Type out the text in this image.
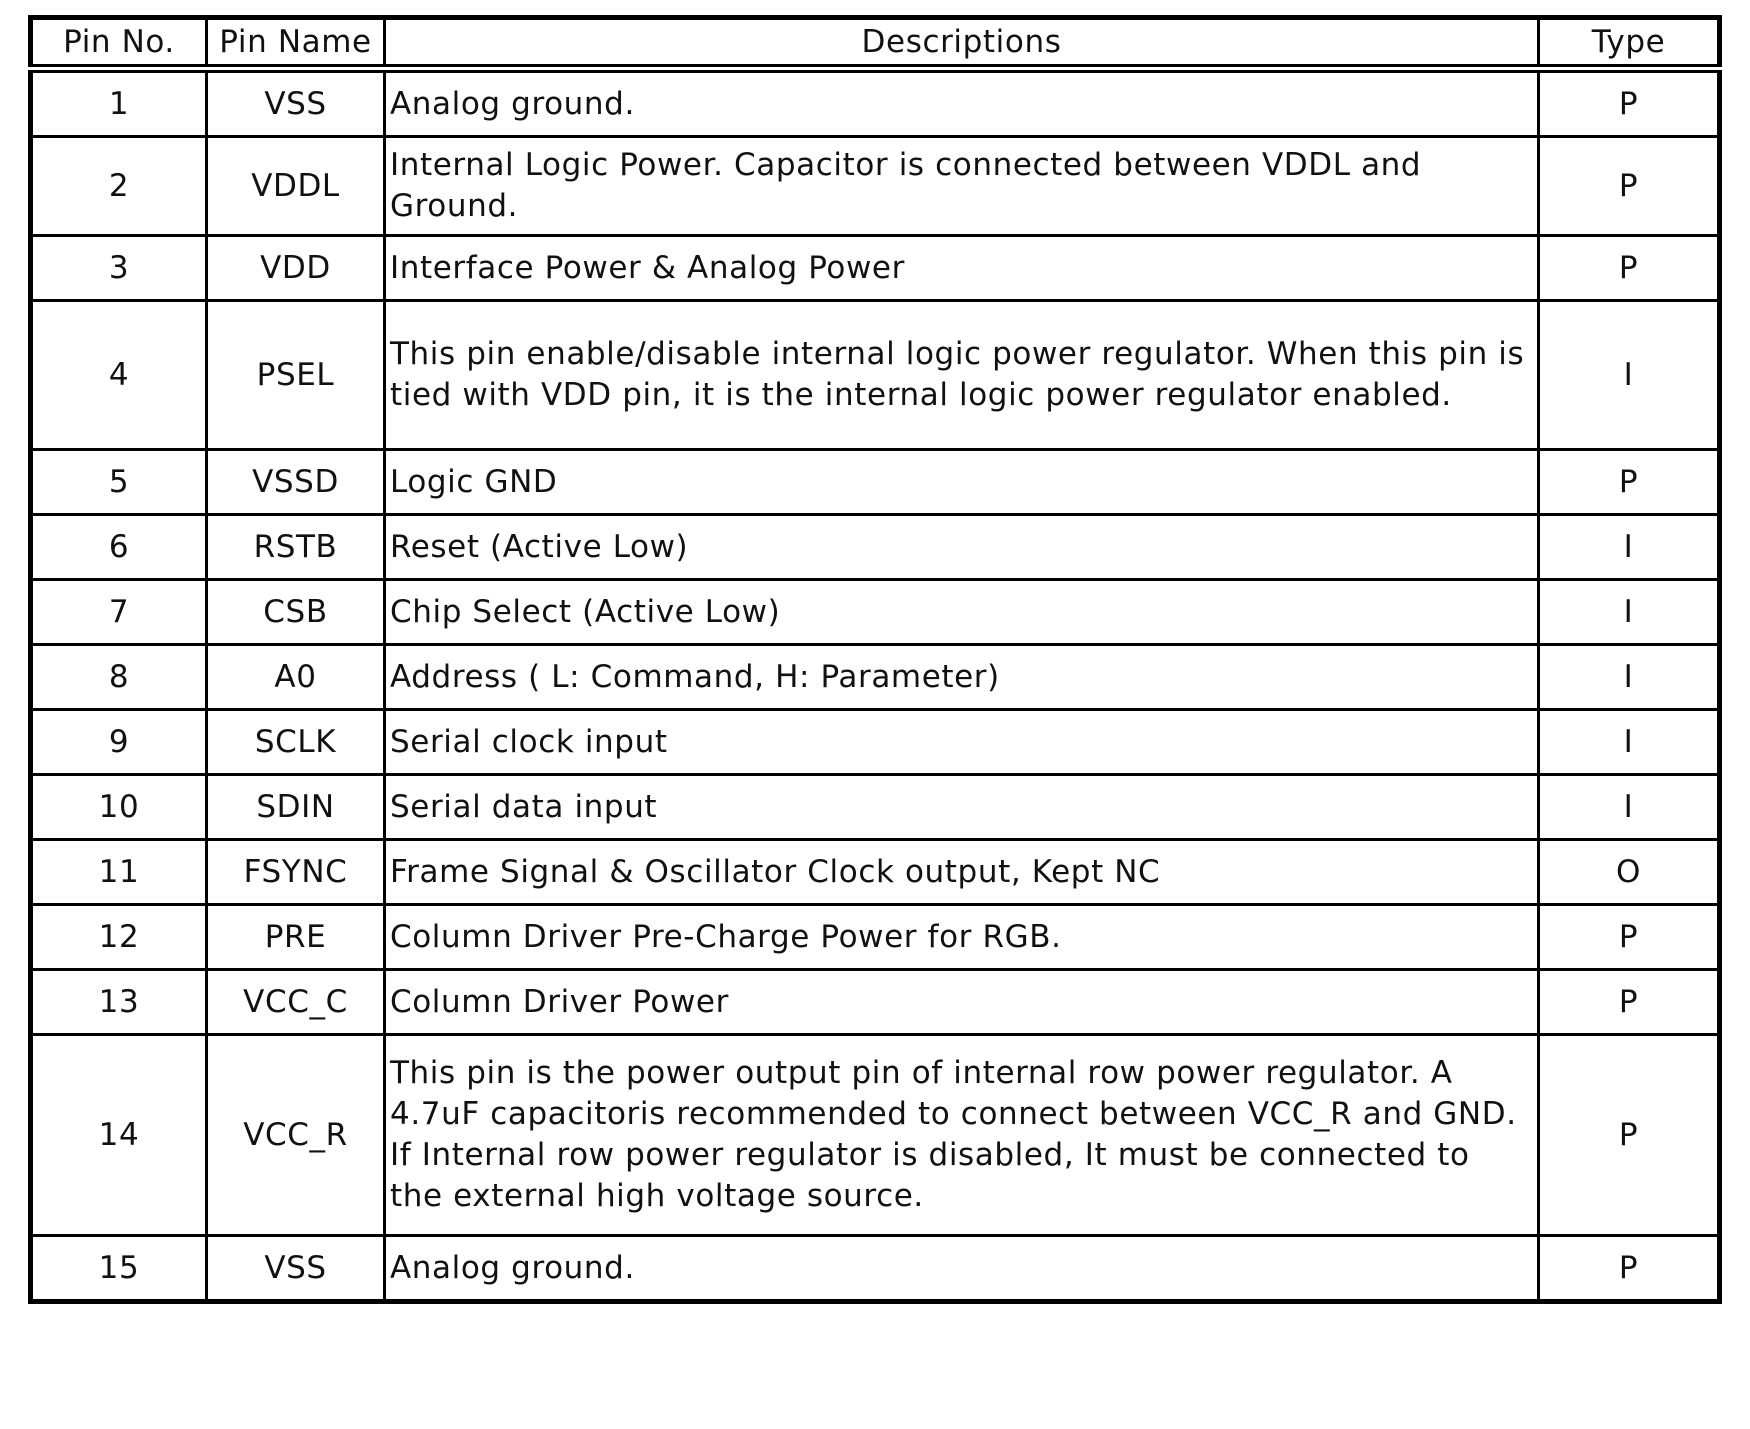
Pin No.	Pin Name	Descriptions	Type
1	VSS	Analog ground.	P
2	VDDL	Internal Logic Power. Capacitor is connected between VDDL and Ground.	P
3	VDD	Interface Power & Analog Power	P
4	PSEL	This pin enable/disable internal logic power regulator. When this pin is tied with VDD pin, it is the internal logic power regulator enabled.	I
5	VSSD	Logic GND	P
6	RSTB	Reset (Active Low)	I
7	CSB	Chip Select (Active Low)	I
8	A0	Address ( L: Command, H: Parameter)	I
9	SCLK	Serial clock input	I
10	SDIN	Serial data input	I
11	FSYNC	Frame Signal & Oscillator Clock output, Kept NC	O
12	PRE	Column Driver Pre-Charge Power for RGB.	P
13	VCC_C	Column Driver Power	P
14	VCC_R	This pin is the power output pin of internal row power regulator. A 4.7uF capacitoris recommended to connect between VCC_R and GND. If Internal row power regulator is disabled, It must be connected to the external high voltage source.	P
15	VSS	Analog ground.	P
